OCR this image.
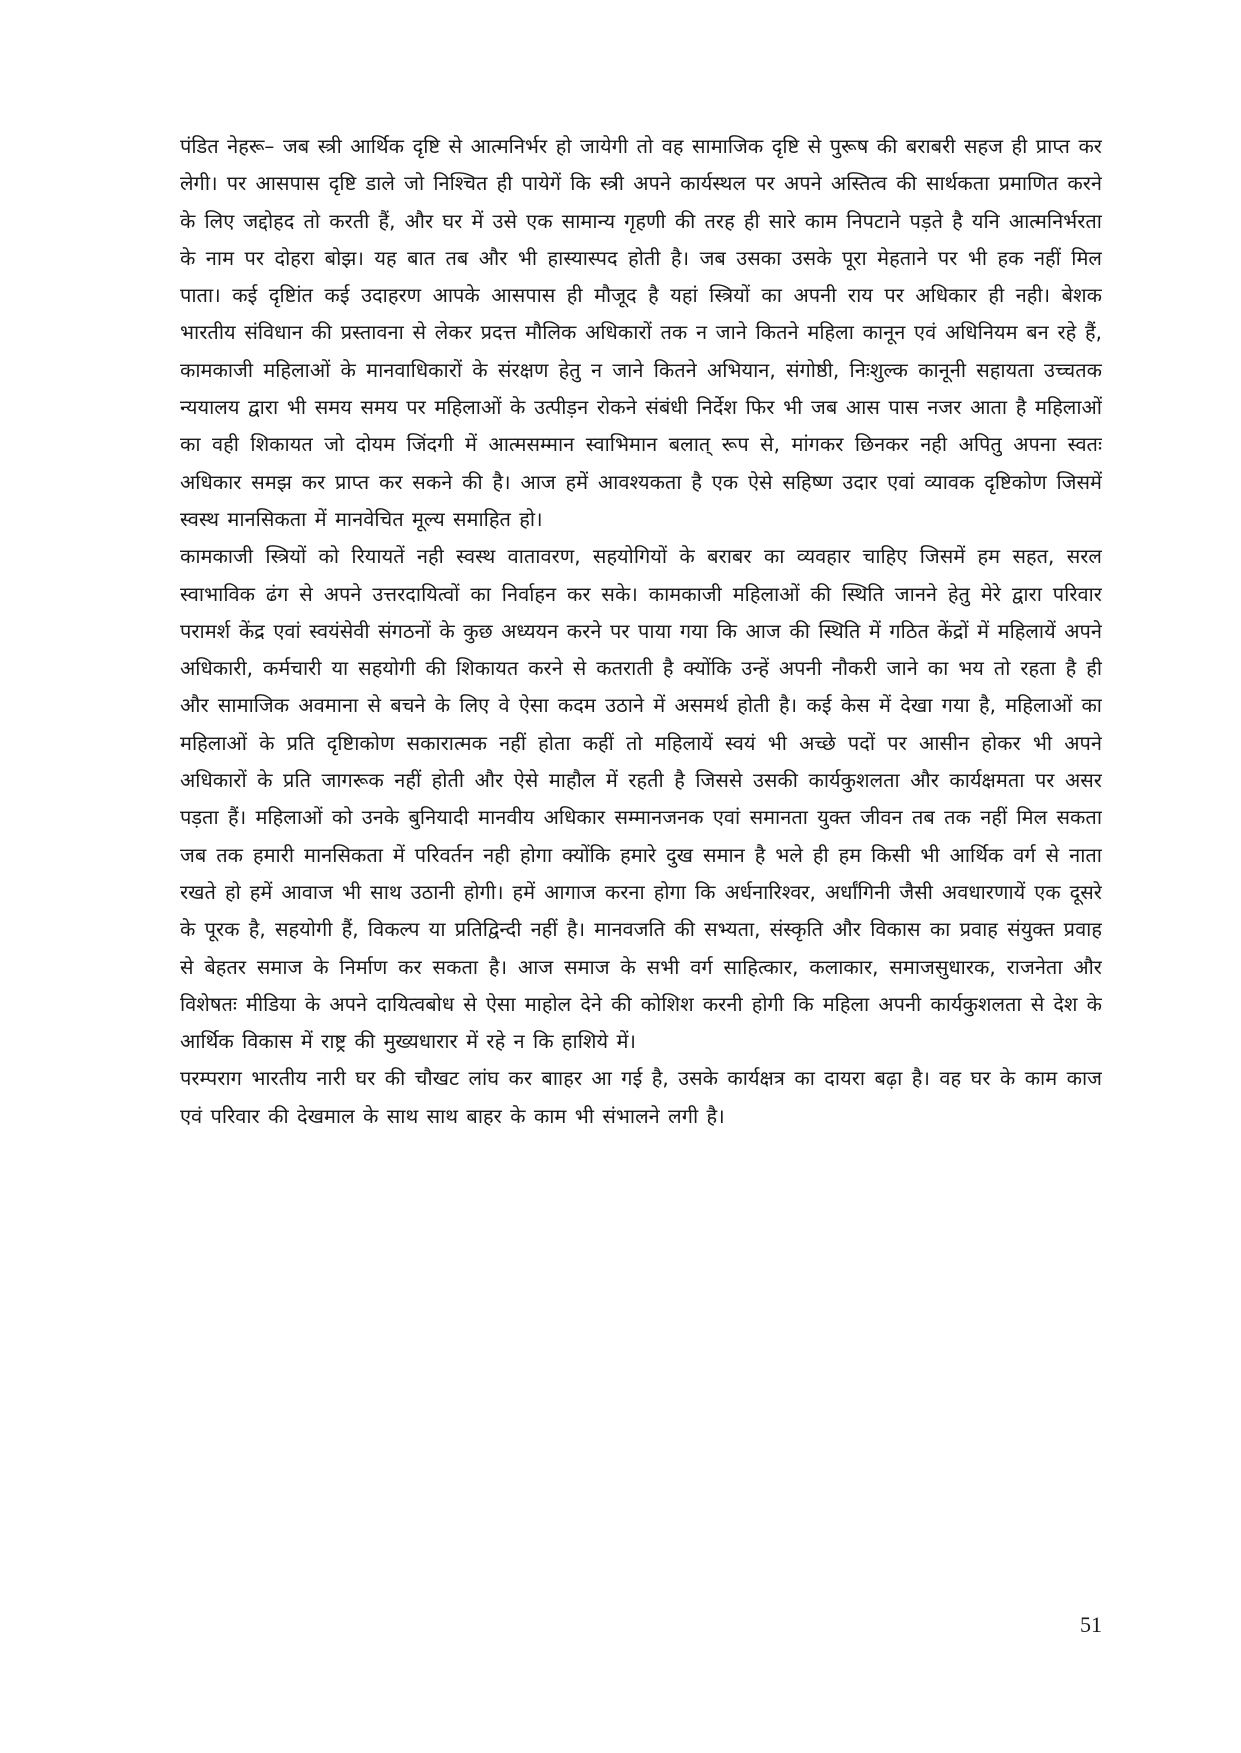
पंडित नेहरू– जब स्त्री आर्थिक दृष्टि से आत्मनिर्भर हो जायेगी तो वह सामाजिक दृष्टि से पुरूष की बराबरी सहज ही प्राप्त कर लेगी। पर आसपास दृष्टि डाले जो निश्चित ही पायेगें कि स्त्री अपने कार्यस्थल पर अपने अस्तित्व की सार्थकता प्रमाणित करने के लिए जद्दोहद तो करती हैं, और घर में उसे एक सामान्य गृहणी की तरह ही सारे काम निपटाने पड़ते है यनि आत्मनिर्भरता के नाम पर दोहरा बोझ। यह बात तब और भी हास्यास्पद होती है। जब उसका उसके पूरा मेहताने पर भी हक नहीं मिल पाता। कई दृष्टिांत कई उदाहरण आपके आसपास ही मौजूद है यहां स्त्रियों का अपनी राय पर अधिकार ही नही। बेशक भारतीय संविधान की प्रस्तावना से लेकर प्रदत्त मौलिक अधिकारों तक न जाने कितने महिला कानून एवं अधिनियम बन रहे हैं, कामकाजी महिलाओं के मानवाधिकारों के संरक्षण हेतु न जाने कितने अभियान, संगोष्ठी, निःशुल्क कानूनी सहायता उच्चतक न्ययालय द्वारा भी समय समय पर महिलाओं के उत्पीड़न रोकने संबंधी निर्देश फिर भी जब आस पास नजर आता है महिलाओं का वही शिकायत जो दोयम जिंदगी में आत्मसम्मान स्वाभिमान बलात् रूप से, मांगकर छिनकर नही अपितु अपना स्वतः अधिकार समझ कर प्राप्त कर सकने की है। आज हमें आवश्यकता है एक ऐसे सहिष्ण उदार एवां व्यावक दृष्टिकोण जिसमें स्वस्थ मानसिकता में मानवेचित मूल्य समाहित हो।

कामकाजी स्त्रियों को रियायतें नही स्वस्थ वातावरण, सहयोगियों के बराबर का व्यवहार चाहिए जिसमें हम सहत, सरल स्वाभाविक ढंग से अपने उत्तरदायित्वों का निर्वाहन कर सके। कामकाजी महिलाओं की स्थिति जानने हेतु मेरे द्वारा परिवार परामर्श केंद्र एवां स्वयंसेवी संगठनों के कुछ अध्ययन करने पर पाया गया कि आज की स्थिति में गठित केंद्रों में महिलायें अपने अधिकारी, कर्मचारी या सहयोगी की शिकायत करने से कतराती है क्योंकि उन्हें अपनी नौकरी जाने का भय तो रहता है ही और सामाजिक अवमाना से बचने के लिए वे ऐसा कदम उठाने में असमर्थ होती है। कई केस में देखा गया है, महिलाओं का महिलाओं के प्रति दृष्टिाकोण सकारात्मक नहीं होता कहीं तो महिलायें स्वयं भी अच्छे पदों पर आसीन होकर भी अपने अधिकारों के प्रति जागरूक नहीं होती और ऐसे माहौल में रहती है जिससे उसकी कार्यकुशलता और कार्यक्षमता पर असर पड़ता हैं। महिलाओं को उनके बुनियादी मानवीय अधिकार सम्मानजनक एवां समानता युक्त जीवन तब तक नहीं मिल सकता जब तक हमारी मानसिकता में परिवर्तन नही होगा क्योंकि हमारे दुख समान है भले ही हम किसी भी आर्थिक वर्ग से नाता रखते हो हमें आवाज भी साथ उठानी होगी। हमें आगाज करना होगा कि अर्धनारिश्वर, अर्धांगिनी जैसी अवधारणायें एक दूसरे के पूरक है, सहयोगी हैं, विकल्प या प्रतिद्विन्दी नहीं है। मानवजति की सभ्यता, संस्कृति और विकास का प्रवाह संयुक्त प्रवाह से बेहतर समाज के निर्माण कर सकता है। आज समाज के सभी वर्ग साहित्कार, कलाकार, समाजसुधारक, राजनेता और विशेषतः मीडिया के अपने दायित्वबोध से ऐसा माहोल देने की कोशिश करनी होगी कि महिला अपनी कार्यकुशलता से देश के आर्थिक विकास में राष्ट्र की मुख्यधारार में रहे न कि हाशिये में।

परम्पराग भारतीय नारी घर की चौखट लांघ कर बााहर आ गई है, उसके कार्यक्षत्र का दायरा बढ़ा है। वह घर के काम काज एवं परिवार की देखमाल के साथ साथ बाहर के काम भी संभालने लगी है।

51
